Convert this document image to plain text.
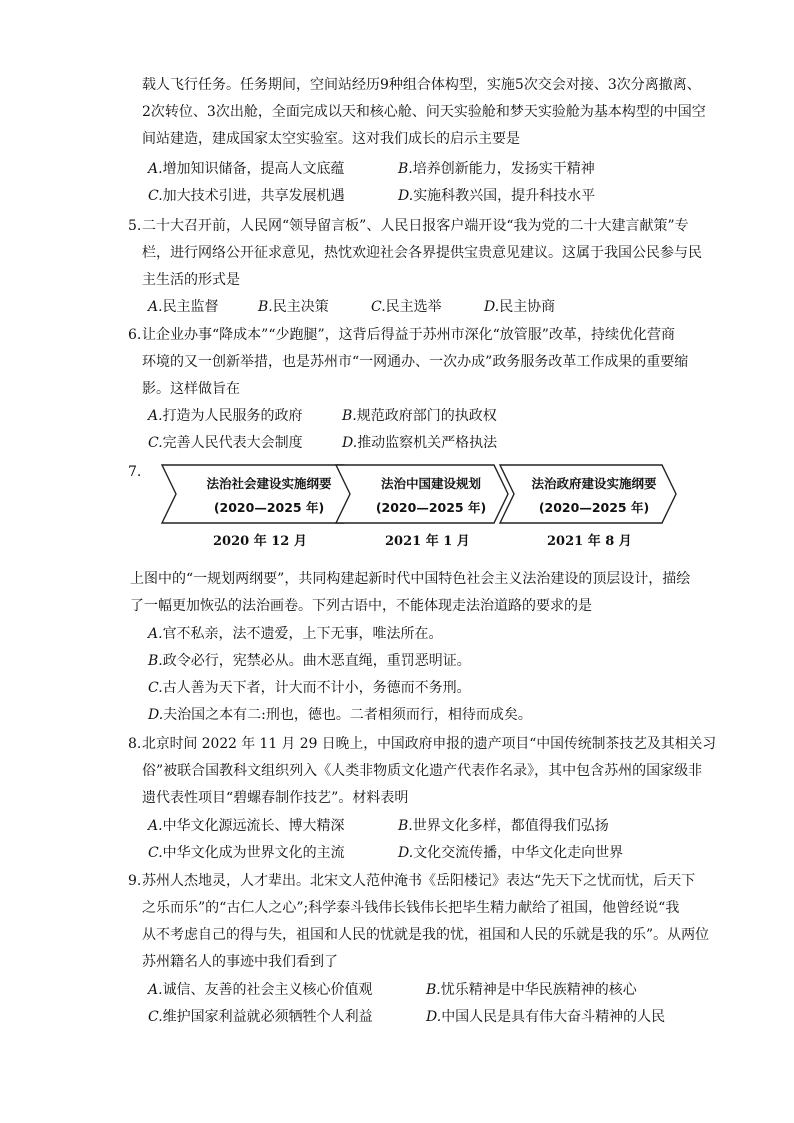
载人飞行任务。任务期间，空间站经历9种组合体构型，实施5次交会对接、3次分离撤离、
2次转位、3次出舱，全面完成以天和核心舱、问天实验舱和梦天实验舱为基本构型的中国空
间站建造，建成国家太空实验室。这对我们成长的启示主要是
A.增加知识储备，提高人文底蕴	B.培养创新能力，发扬实干精神
C.加大技术引进，共享发展机遇	D.实施科教兴国，提升科技水平
5. 二十大召开前，人民网“领导留言板”、人民日报客户端开设“我为党的二十大建言献策”专
栏，进行网络公开征求意见，热忱欢迎社会各界提供宝贵意见建议。这属于我国公民参与民
主生活的形式是
A.民主监督	B.民主决策	C.民主选举	D.民主协商
6. 让企业办事“降成本”“少跑腿”，这背后得益于苏州市深化“放管服”改革，持续优化营商
环境的又一创新举措，也是苏州市“一网通办、一次办成”政务服务改革工作成果的重要缩
影。这样做旨在
A.打造为人民服务的政府	B.规范政府部门的执政权
C.完善人民代表大会制度	D.推动监察机关严格执法
7.
法治社会建设实施纲要
(2020—2025 年)
法治中国建设规划
(2020—2025 年)
法治政府建设实施纲要
(2020—2025 年)
2020 年 12 月	2021 年 1 月	2021 年 8 月
上图中的“一规划两纲要”，共同构建起新时代中国特色社会主义法治建设的顶层设计，描绘
了一幅更加恢弘的法治画卷。下列古语中，不能体现走法治道路的要求的是
A.官不私亲，法不遗爱，上下无事，唯法所在。
B.政令必行，宪禁必从。曲木恶直绳，重罚恶明证。
C.古人善为天下者，计大而不计小，务德而不务刑。
D.夫治国之本有二:刑也，德也。二者相须而行，相待而成矣。
8. 北京时间 2022 年 11 月 29 日晚上，中国政府申报的遗产项目“中国传统制茶技艺及其相关习
俗”被联合国教科文组织列入《人类非物质文化遗产代表作名录》，其中包含苏州的国家级非
遗代表性项目“碧螺春制作技艺”。材料表明
A.中华文化源远流长、博大精深	B.世界文化多样，都值得我们弘扬
C.中华文化成为世界文化的主流	D.文化交流传播，中华文化走向世界
9. 苏州人杰地灵，人才辈出。北宋文人范仲淹书《岳阳楼记》表达“先天下之忧而忧，后天下
之乐而乐”的“古仁人之心”;科学泰斗钱伟长钱伟长把毕生精力献给了祖国，他曾经说“我
从不考虑自己的得与失，祖国和人民的忧就是我的忧，祖国和人民的乐就是我的乐”。从两位
苏州籍名人的事迹中我们看到了
A.诚信、友善的社会主义核心价值观	B.忧乐精神是中华民族精神的核心
C.维护国家利益就必须牺牲个人利益	D.中国人民是具有伟大奋斗精神的人民
